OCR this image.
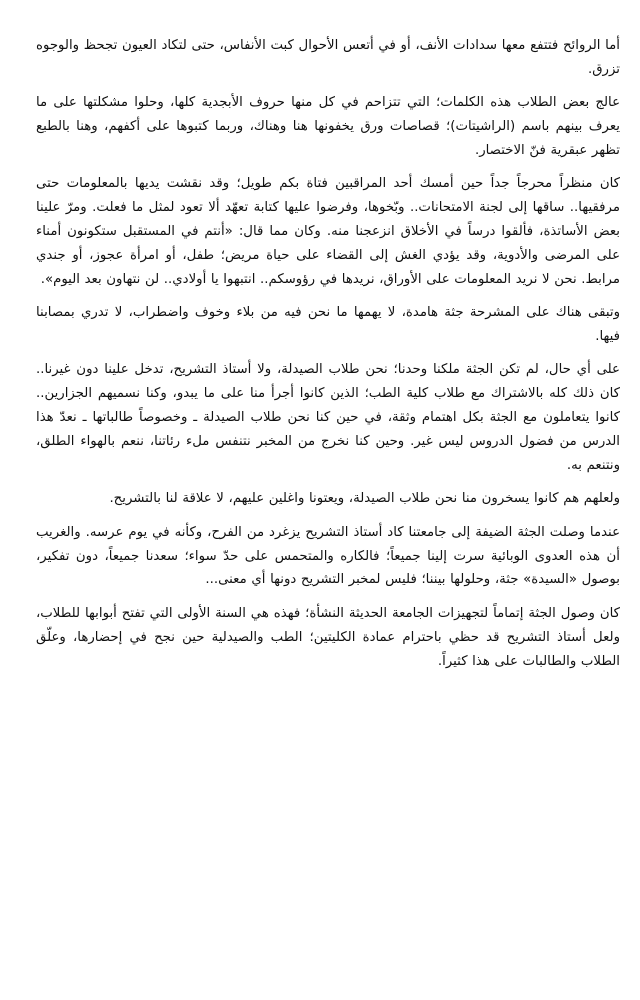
أما الروائح فتتفع معها سدادات الأنف، أو في أتعس الأحوال كبت الأنفاس، حتى لتكاد العيون تجحظ والوجوه تزرق.

عالج بعض الطلاب هذه الكلمات؛ التي تتزاحم في كل منها حروف الأبجدية كلها، وحلوا مشكلتها على ما يعرف بينهم باسم (الراشيتات)؛ قصاصات ورق يخفونها هنا وهناك، وربما كتبوها على أكفهم، وهنا بالطبع تظهر عبقرية فنّ الاختصار.

كان منظراً محرجاً جداً حين أمسك أحد المراقبين فتاة بكم طويل؛ وقد نقشت يديها بالمعلومات حتى مرفقيها.. ساقها إلى لجنة الامتحانات.. وبّخوها، وفرضوا عليها كتابة تعهّد ألا تعود لمثل ما فعلت. ومرّ علينا بعض الأساتذة، فألقوا درساً في الأخلاق انزعجنا منه. وكان مما قال: «أنتم في المستقبل ستكونون أمناء على المرضى والأدوية، وقد يؤدي الغش إلى القضاء على حياة مريض؛ طفل، أو امرأة عجوز، أو جندي مرابط. نحن لا نريد المعلومات على الأوراق، نريدها في رؤوسكم.. انتبهوا يا أولادي.. لن نتهاون بعد اليوم».

وتبقى هناك على المشرحة جثة هامدة، لا يهمها ما نحن فيه من بلاء وخوف واضطراب، لا تدري بمصابنا فيها.

على أي حال، لم تكن الجثة ملكنا وحدنا؛ نحن طلاب الصيدلة، ولا أستاذ التشريح، تدخل علينا دون غيرنا.. كان ذلك كله بالاشتراك مع طلاب كلية الطب؛ الذين كانوا أجرأ منا على ما يبدو، وكنا نسميهم الجزارين.. كانوا يتعاملون مع الجثة بكل اهتمام وثقة، في حين كنا نحن طلاب الصيدلة ـ وخصوصاً طالباتها ـ نعدّ هذا الدرس من فضول الدروس ليس غير. وحين كنا نخرج من المخبر نتنفس ملء رئاتنا، ننعم بالهواء الطلق، ونتنعم به.

ولعلهم هم كانوا يسخرون منا نحن طلاب الصيدلة، ويعتونا واغلين عليهم، لا علاقة لنا بالتشريح.

عندما وصلت الجثة الضيفة إلى جامعتنا كاد أستاذ التشريح يزغرد من الفرح، وكأنه في يوم عرسه. والغريب أن هذه العدوى الوبائية سرت إلينا جميعاً؛ فالكاره والمتحمس على حدّ سواء؛ سعدنا جميعاً، دون تفكير، بوصول «السيدة» جثة، وحلولها بيننا؛ فليس لمخبر التشريح دونها أي معنى...

كان وصول الجثة إتماماً لتجهيزات الجامعة الحديثة النشأة؛ فهذه هي السنة الأولى التي تفتح أبوابها للطلاب، ولعل أستاذ التشريح قد حظي باحترام عمادة الكليتين؛ الطب والصيدلية حين نجح في إحضارها، وعلّق الطلاب والطالبات على هذا كثيراً.
